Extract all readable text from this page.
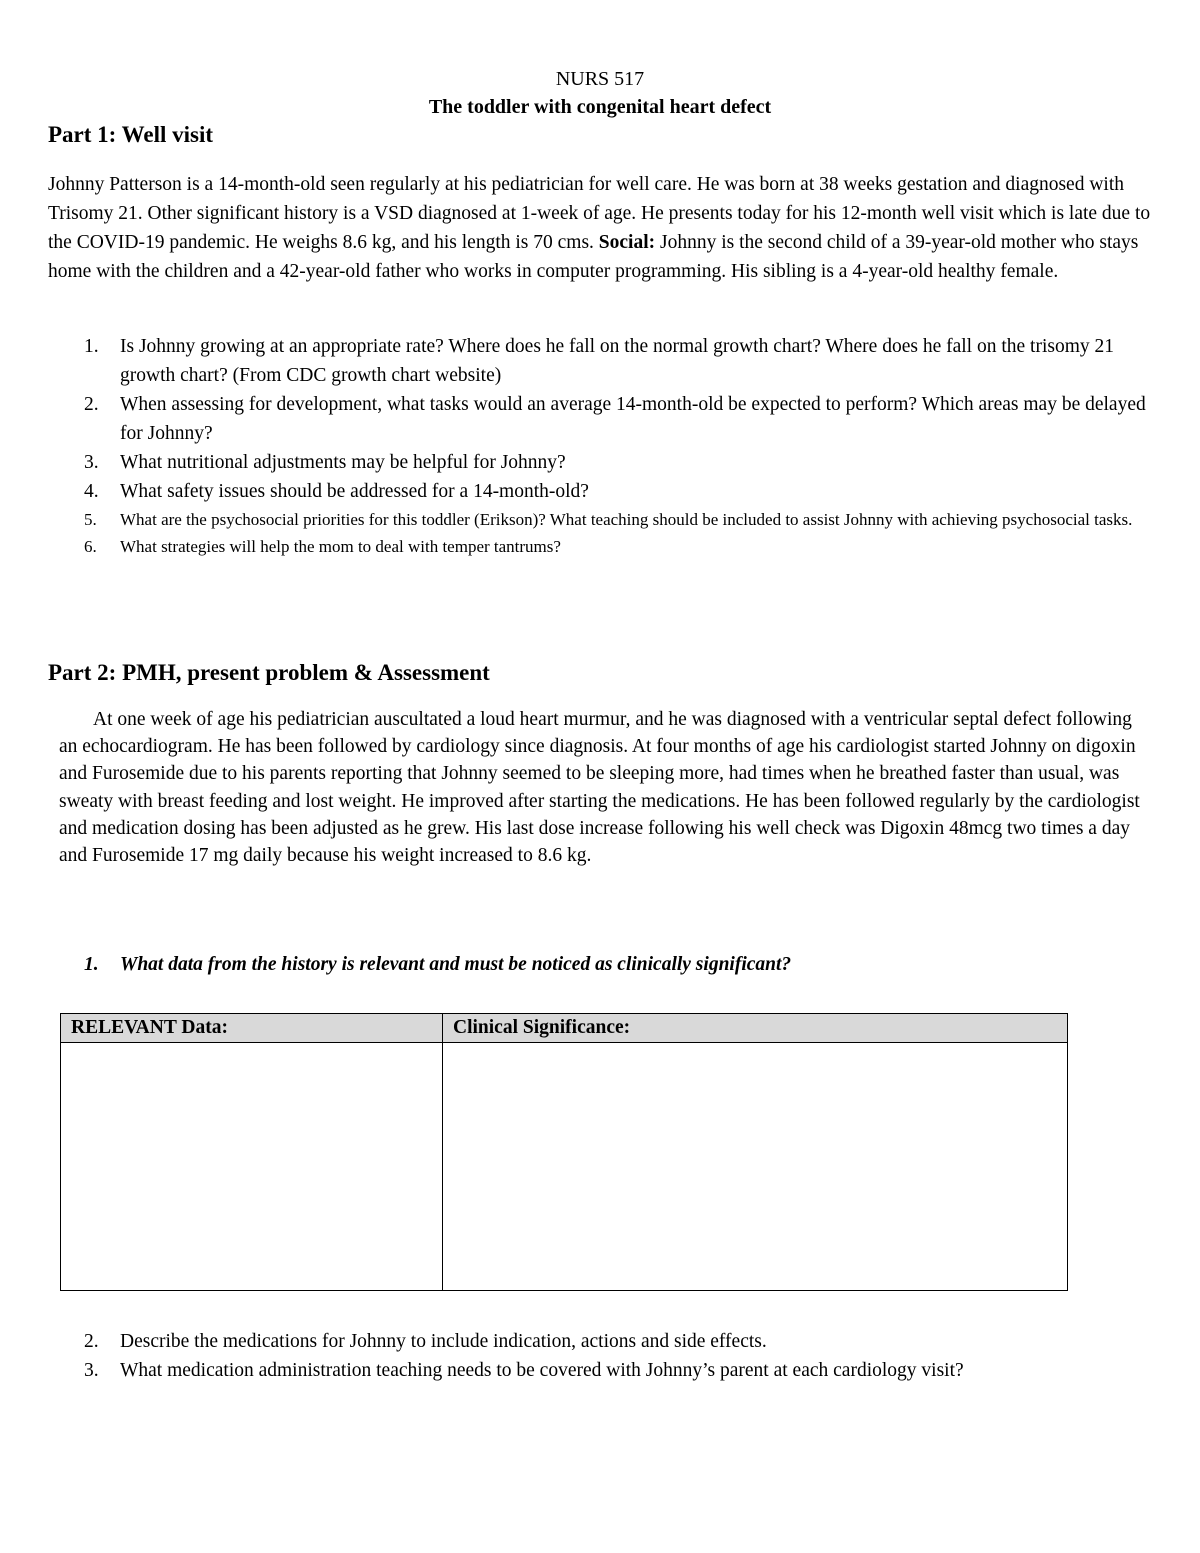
NURS 517
The toddler with congenital heart defect
Part 1: Well visit

Johnny Patterson is a 14-month-old seen regularly at his pediatrician for well care. He was born at 38 weeks gestation and diagnosed with Trisomy 21. Other significant history is a VSD diagnosed at 1-week of age. He presents today for his 12-month well visit which is late due to the COVID-19 pandemic. He weighs 8.6 kg, and his length is 70 cms. Social: Johnny is the second child of a 39-year-old mother who stays home with the children and a 42-year-old father who works in computer programming. His sibling is a 4-year-old healthy female.

1. Is Johnny growing at an appropriate rate? Where does he fall on the normal growth chart? Where does he fall on the trisomy 21 growth chart? (From CDC growth chart website)
2. When assessing for development, what tasks would an average 14-month-old be expected to perform? Which areas may be delayed for Johnny?
3. What nutritional adjustments may be helpful for Johnny?
4. What safety issues should be addressed for a 14-month-old?
5. What are the psychosocial priorities for this toddler (Erikson)? What teaching should be included to assist Johnny with achieving psychosocial tasks.
6. What strategies will help the mom to deal with temper tantrums?
Part 2: PMH, present problem & Assessment

At one week of age his pediatrician auscultated a loud heart murmur, and he was diagnosed with a ventricular septal defect following an echocardiogram. He has been followed by cardiology since diagnosis. At four months of age his cardiologist started Johnny on digoxin and Furosemide due to his parents reporting that Johnny seemed to be sleeping more, had times when he breathed faster than usual, was sweaty with breast feeding and lost weight. He improved after starting the medications. He has been followed regularly by the cardiologist and medication dosing has been adjusted as he grew. His last dose increase following his well check was Digoxin 48mcg two times a day and Furosemide 17 mg daily because his weight increased to 8.6 kg.

1. What data from the history is relevant and must be noticed as clinically significant?

RELEVANT Data:	Clinical Significance:

2. Describe the medications for Johnny to include indication, actions and side effects.
3. What medication administration teaching needs to be covered with Johnny’s parent at each cardiology visit?
